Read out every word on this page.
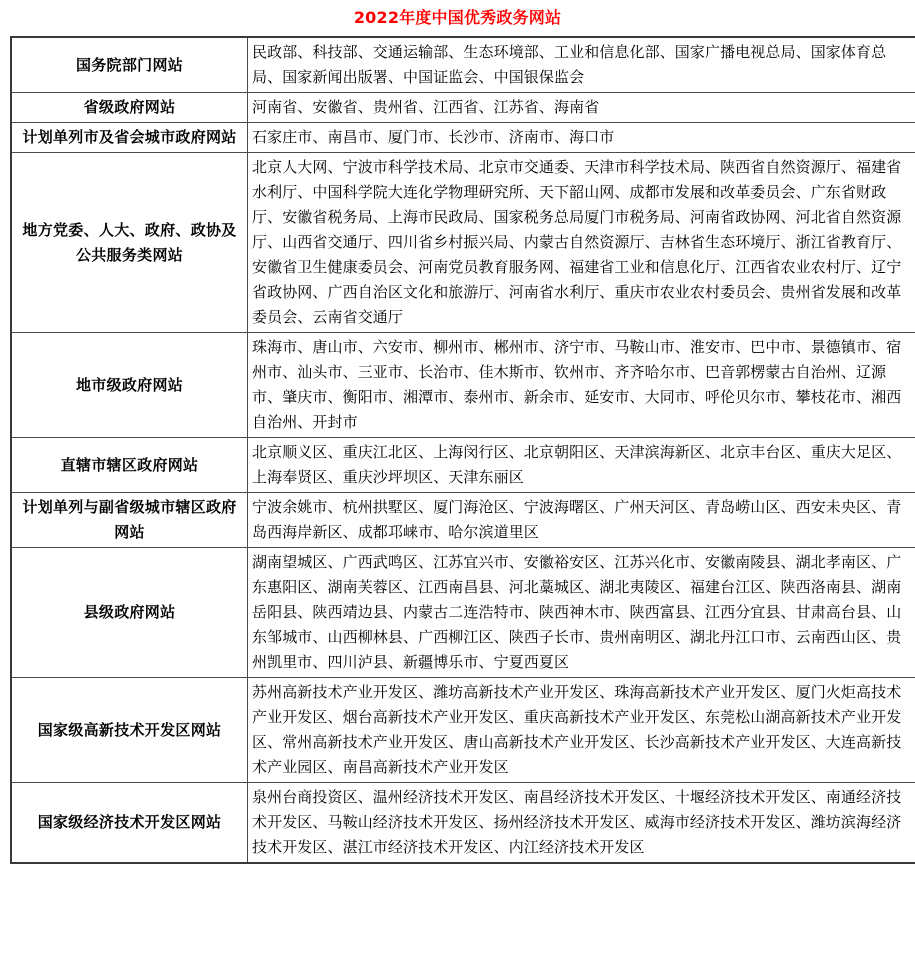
2022年度中国优秀政务网站
国务院部门网站	民政部、科技部、交通运输部、生态环境部、工业和信息化部、国家广播电视总局、国家体育总局、国家新闻出版署、中国证监会、中国银保监会

省级政府网站	河南省、安徽省、贵州省、江西省、江苏省、海南省

计划单列市及省会城市政府网站	石家庄市、南昌市、厦门市、长沙市、济南市、海口市

地方党委、人大、政府、政协及公共服务类网站	北京人大网、宁波市科学技术局、北京市交通委、天津市科学技术局、陕西省自然资源厅、福建省水利厅、中国科学院大连化学物理研究所、天下韶山网、成都市发展和改革委员会、广东省财政厅、安徽省税务局、上海市民政局、国家税务总局厦门市税务局、河南省政协网、河北省自然资源厅、山西省交通厅、四川省乡村振兴局、内蒙古自然资源厅、吉林省生态环境厅、浙江省教育厅、安徽省卫生健康委员会、河南党员教育服务网、福建省工业和信息化厅、江西省农业农村厅、辽宁省政协网、广西自治区文化和旅游厅、河南省水利厅、重庆市农业农村委员会、贵州省发展和改革委员会、云南省交通厅

地市级政府网站	珠海市、唐山市、六安市、柳州市、郴州市、济宁市、马鞍山市、淮安市、巴中市、景德镇市、宿州市、汕头市、三亚市、长治市、佳木斯市、钦州市、齐齐哈尔市、巴音郭楞蒙古自治州、辽源市、肇庆市、衡阳市、湘潭市、泰州市、新余市、延安市、大同市、呼伦贝尔市、攀枝花市、湘西自治州、开封市

直辖市辖区政府网站	北京顺义区、重庆江北区、上海闵行区、北京朝阳区、天津滨海新区、北京丰台区、重庆大足区、上海奉贤区、重庆沙坪坝区、天津东丽区

计划单列与副省级城市辖区政府网站	宁波余姚市、杭州拱墅区、厦门海沧区、宁波海曙区、广州天河区、青岛崂山区、西安未央区、青岛西海岸新区、成都邛崃市、哈尔滨道里区

县级政府网站	湖南望城区、广西武鸣区、江苏宜兴市、安徽裕安区、江苏兴化市、安徽南陵县、湖北孝南区、广东惠阳区、湖南芙蓉区、江西南昌县、河北藁城区、湖北夷陵区、福建台江区、陕西洛南县、湖南岳阳县、陕西靖边县、内蒙古二连浩特市、陕西神木市、陕西富县、江西分宜县、甘肃高台县、山东邹城市、山西柳林县、广西柳江区、陕西子长市、贵州南明区、湖北丹江口市、云南西山区、贵州凯里市、四川泸县、新疆博乐市、宁夏西夏区

国家级高新技术开发区网站	苏州高新技术产业开发区、潍坊高新技术产业开发区、珠海高新技术产业开发区、厦门火炬高技术产业开发区、烟台高新技术产业开发区、重庆高新技术产业开发区、东莞松山湖高新技术产业开发区、常州高新技术产业开发区、唐山高新技术产业开发区、长沙高新技术产业开发区、大连高新技术产业园区、南昌高新技术产业开发区

国家级经济技术开发区网站	泉州台商投资区、温州经济技术开发区、南昌经济技术开发区、十堰经济技术开发区、南通经济技术开发区、马鞍山经济技术开发区、扬州经济技术开发区、威海市经济技术开发区、潍坊滨海经济技术开发区、湛江市经济技术开发区、内江经济技术开发区
